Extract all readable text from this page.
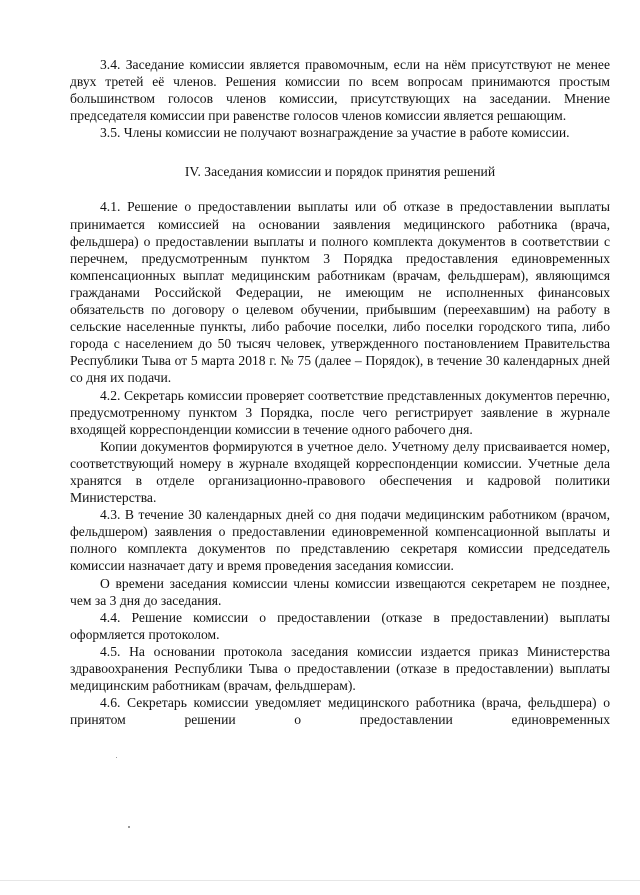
3.4. Заседание комиссии является правомочным, если на нём присутствуют не менее двух третей её членов. Решения комиссии по всем вопросам принимаются простым большинством голосов членов комиссии, присутствующих на заседании. Мнение председателя комиссии при равенстве голосов членов комиссии является решающим.

3.5. Члены комиссии не получают вознаграждение за участие в работе комиссии.

IV. Заседания комиссии и порядок принятия решений

4.1. Решение о предоставлении выплаты или об отказе в предоставлении выплаты принимается комиссией на основании заявления медицинского работника (врача, фельдшера) о предоставлении выплаты и полного комплекта документов в соответствии с перечнем, предусмотренным пунктом 3 Порядка предоставления единовременных компенсационных выплат медицинским работникам (врачам, фельдшерам), являющимся гражданами Российской Федерации, не имеющим не исполненных финансовых обязательств по договору о целевом обучении, прибывшим (переехавшим) на работу в сельские населенные пункты, либо рабочие поселки, либо поселки городского типа, либо города с населением до 50 тысяч человек, утвержденного постановлением Правительства Республики Тыва от 5 марта 2018 г. № 75 (далее – Порядок), в течение 30 календарных дней со дня их подачи.

4.2. Секретарь комиссии проверяет соответствие представленных документов перечню, предусмотренному пунктом 3 Порядка, после чего регистрирует заявление в журнале входящей корреспонденции комиссии в течение одного рабочего дня.

Копии документов формируются в учетное дело. Учетному делу присваивается номер, соответствующий номеру в журнале входящей корреспонденции комиссии. Учетные дела хранятся в отделе организационно-правового обеспечения и кадровой политики Министерства.

4.3. В течение 30 календарных дней со дня подачи медицинским работником (врачом, фельдшером) заявления о предоставлении единовременной компенсационной выплаты и полного комплекта документов по представлению секретаря комиссии председатель комиссии назначает дату и время проведения заседания комиссии.

О времени заседания комиссии члены комиссии извещаются секретарем не позднее, чем за 3 дня до заседания.

4.4. Решение комиссии о предоставлении (отказе в предоставлении) выплаты оформляется протоколом.

4.5. На основании протокола заседания комиссии издается приказ Министерства здравоохранения Республики Тыва о предоставлении (отказе в предоставлении) выплаты медицинским работникам (врачам, фельдшерам).

4.6. Секретарь комиссии уведомляет медицинского работника (врача, фельдшера) о принятом решении о предоставлении единовременных
